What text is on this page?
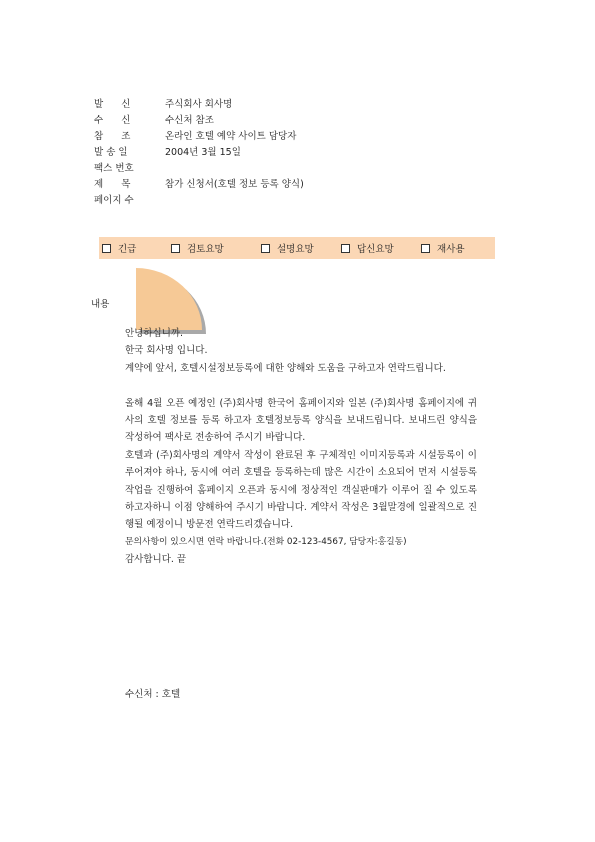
발      신	주식회사 회사명
수      신	수신처 참조
참      조	온라인 호텔 예약 사이트 담당자
발 송 일	2004년 3월 15일
팩스 번호
제      목	참가 신청서(호텔 정보 등록 양식)
페이지 수
긴급	검토요망	설명요망	답신요망	재사용
내용

안녕하십니까.

한국 회사명 입니다.

계약에 앞서, 호텔시설정보등록에 대한 양해와 도움을 구하고자 연락드립니다.

올해 4월 오픈 예정인 (주)회사명 한국어 홈페이지와 일본 (주)회사명 홈페이지에 귀사의 호텔 정보를 등록 하고자 호텔정보등록 양식을 보내드립니다. 보내드린 양식을 작성하여 팩사로 전송하여 주시기 바랍니다.

호텔과 (주)회사명의 계약서 작성이 완료된 후 구체적인 이미지등록과 시설등록이 이루어져야 하나, 동시에 여러 호텔을 등록하는데 많은 시간이 소요되어 먼저 시설등록 작업을 진행하여 홈페이지 오픈과 동시에 정상적인 객실판매가 이루어 질 수 있도록 하고자하니 이점 양해하여 주시기 바랍니다. 계약서 작성은 3월말경에 일괄적으로 진행될 예정이니 방문전 연락드리겠습니다.

문의사항이 있으시면 연락 바랍니다.(전화 02-123-4567, 담당자:홍길동)

감사합니다. 끝

수신처 : 호텔
